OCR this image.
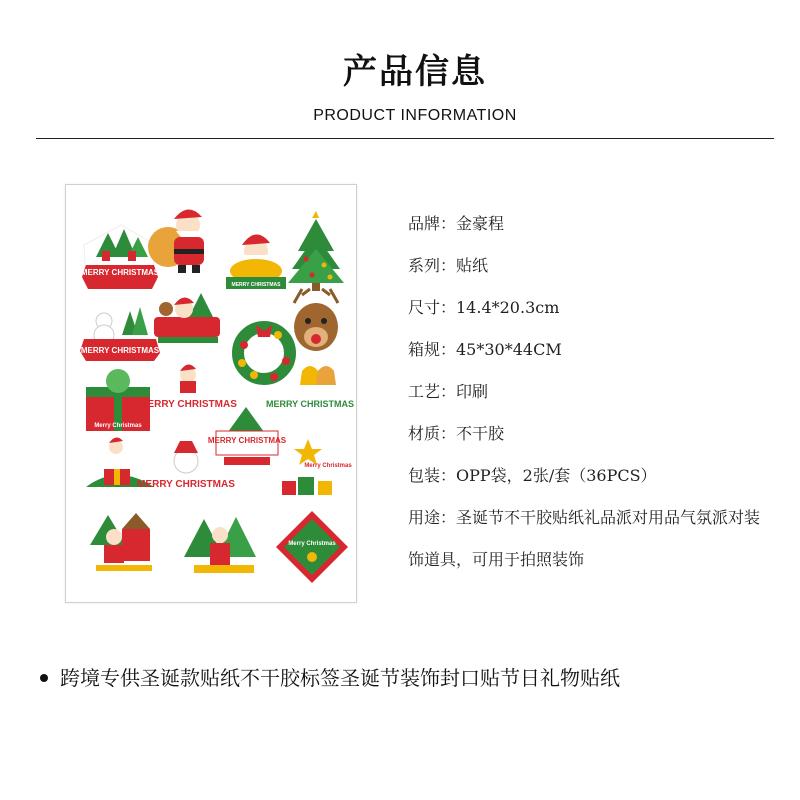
产品信息
PRODUCT INFORMATION
MERRY CHRISTMAS
MERRY CHRISTMAS
MERRY CHRISTMAS
Merry Christmas
MERRY CHRISTMAS	MERRY CHRISTMAS
MERRY CHRISTMAS
MERRY CHRISTMAS
Merry Christmas
Merry Christmas
品牌：金豪程
系列：贴纸
尺寸：14.4*20.3cm
箱规：45*30*44CM
工艺：印刷
材质：不干胶
包装：OPP袋，2张/套（36PCS）
用途：圣诞节不干胶贴纸礼品派对用品气氛派对装饰道具，可用于拍照装饰
跨境专供圣诞款贴纸不干胶标签圣诞节装饰封口贴节日礼物贴纸
